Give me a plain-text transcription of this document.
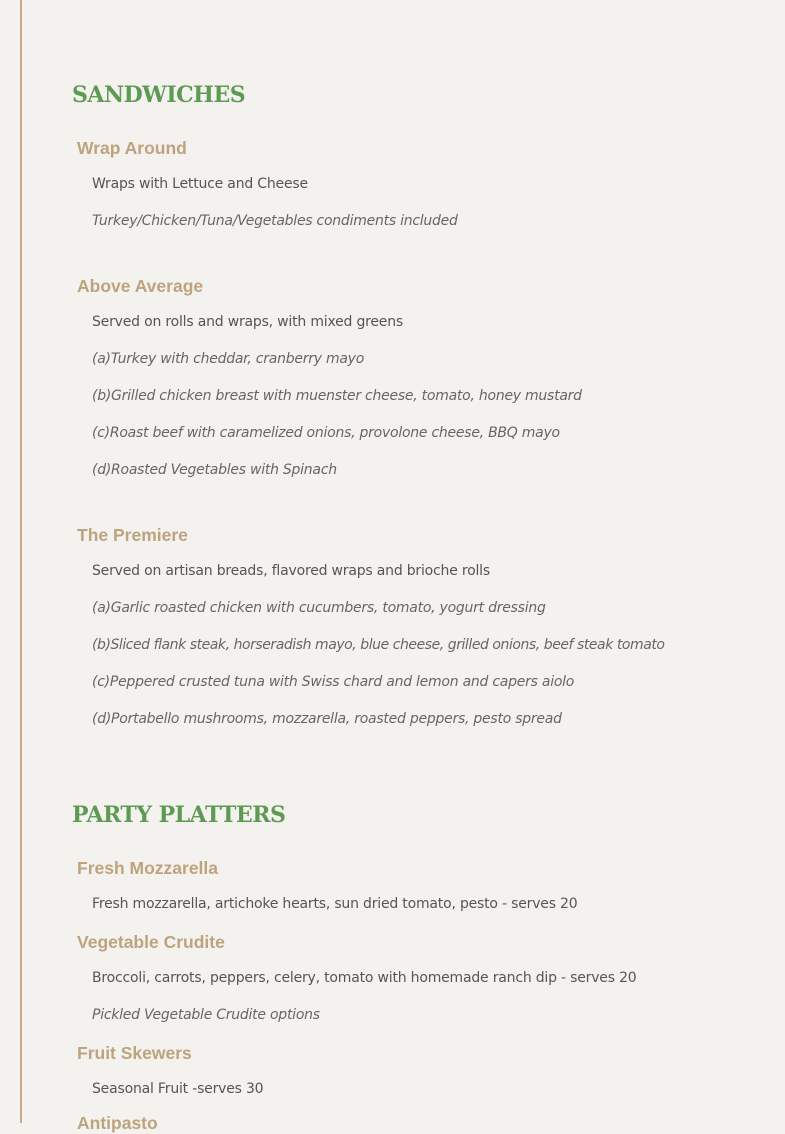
SANDWICHES
Wrap Around
Wraps with Lettuce and Cheese
Turkey/Chicken/Tuna/Vegetables condiments included
Above Average
Served on rolls and wraps, with mixed greens
(a)Turkey with cheddar, cranberry mayo
(b)Grilled chicken breast with muenster cheese, tomato, honey mustard
(c)Roast beef with caramelized onions, provolone cheese, BBQ mayo
(d)Roasted Vegetables with Spinach
The Premiere
Served on artisan breads, flavored wraps and brioche rolls
(a)Garlic roasted chicken with cucumbers, tomato, yogurt dressing
(b)Sliced flank steak, horseradish mayo, blue cheese, grilled onions, beef steak tomato
(c)Peppered crusted tuna with Swiss chard and lemon and capers aiolo
(d)Portabello mushrooms, mozzarella, roasted peppers, pesto spread
PARTY PLATTERS
Fresh Mozzarella
Fresh mozzarella, artichoke hearts, sun dried tomato, pesto - serves 20
Vegetable Crudite
Broccoli, carrots, peppers, celery, tomato with homemade ranch dip - serves 20
Pickled Vegetable Crudite options
Fruit Skewers
Seasonal Fruit -serves 30
Antipasto
